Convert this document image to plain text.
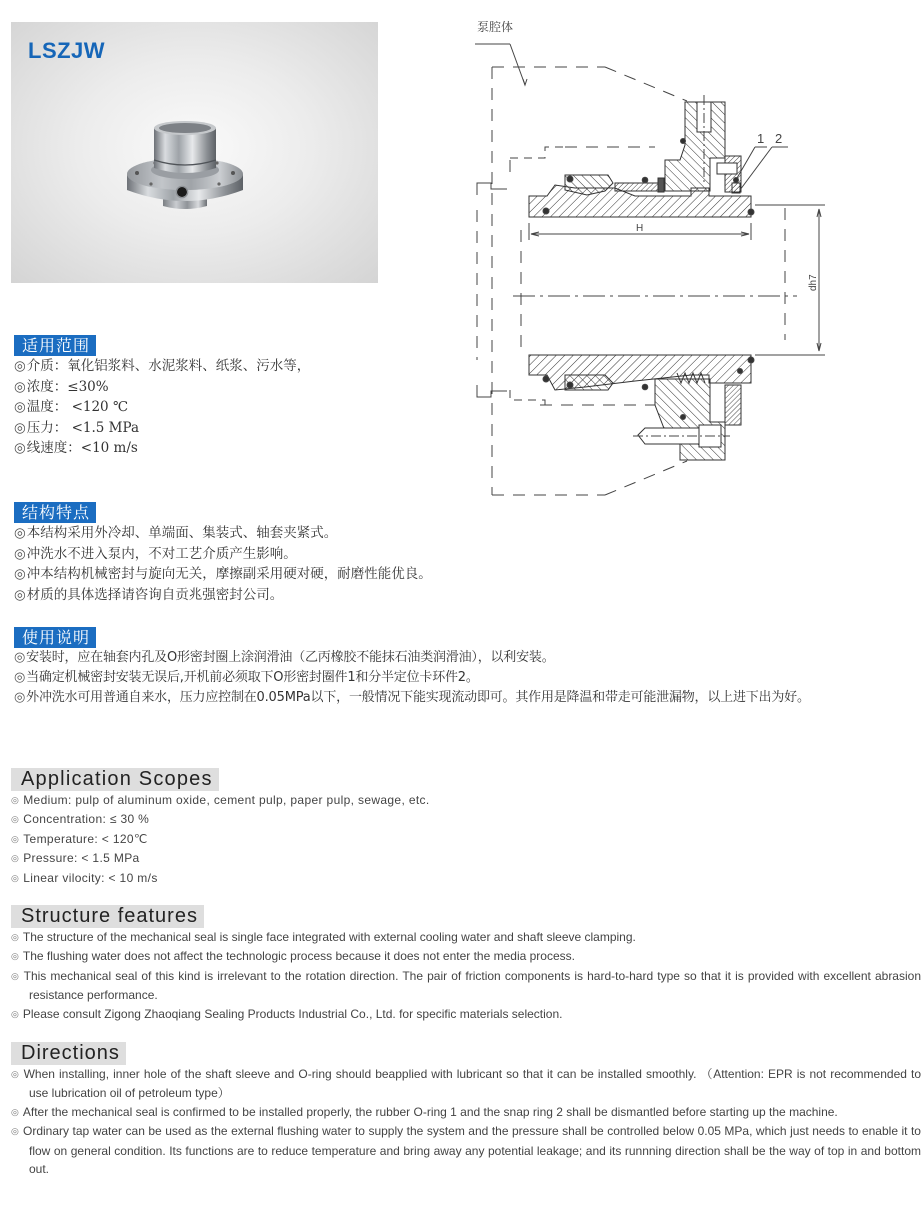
LSZJW
泵腔体
1 2
H
dh7
适用范围
◎介质：氧化铝浆料、水泥浆料、纸浆、污水等，
◎浓度：≤30%
◎温度： <120 ℃
◎压力： <1.5 MPa
◎线速度：<10 m/s
结构特点
◎本结构采用外冷却、单端面、集装式、轴套夹紧式。
◎冲洗水不进入泵内，不对工艺介质产生影响。
◎冲本结构机械密封与旋向无关，摩擦副采用硬对硬，耐磨性能优良。
◎材质的具体选择请咨询自贡兆强密封公司。
使用说明
◎安装时，应在轴套内孔及O形密封圈上涂润滑油（乙丙橡胶不能抹石油类润滑油），以利安装。
◎当确定机械密封安装无误后,开机前必须取下O形密封圈件1和分半定位卡环件2。
◎外冲洗水可用普通自来水，压力应控制在0.05MPa以下，一般情况下能实现流动即可。其作用是降温和带走可能泄漏物，以上进下出为好。
Application Scopes
◎ Medium: pulp of aluminum oxide, cement pulp, paper pulp, sewage, etc.
◎ Concentration: ≤ 30 %
◎ Temperature: < 120℃
◎ Pressure: < 1.5 MPa
◎ Linear vilocity: < 10 m/s
Structure features
◎ The structure of the mechanical seal is single face integrated with external cooling water and shaft sleeve clamping.
◎ The flushing water does not affect the technologic process because it does not enter the media process.
◎ This mechanical seal of this kind is irrelevant to the rotation direction. The pair of friction components is hard-to-hard type so that it is provided with excellent abrasion resistance performance.
◎ Please consult Zigong Zhaoqiang Sealing Products Industrial Co., Ltd. for specific materials selection.
Directions
◎ When installing, inner hole of the shaft sleeve and O-ring should beapplied with lubricant so that it can be installed smoothly. （Attention: EPR is not recommended to use lubrication oil of petroleum type）
◎ After the mechanical seal is confirmed to be installed properly, the rubber O-ring 1 and the snap ring 2 shall be dismantled before starting up the machine.
◎ Ordinary tap water can be used as the external flushing water to supply the system and the pressure shall be controlled below 0.05 MPa, which just needs to enable it to flow on general condition. Its functions are to reduce temperature and bring away any potential leakage; and its runnning direction shall be the way of top in and bottom out.
